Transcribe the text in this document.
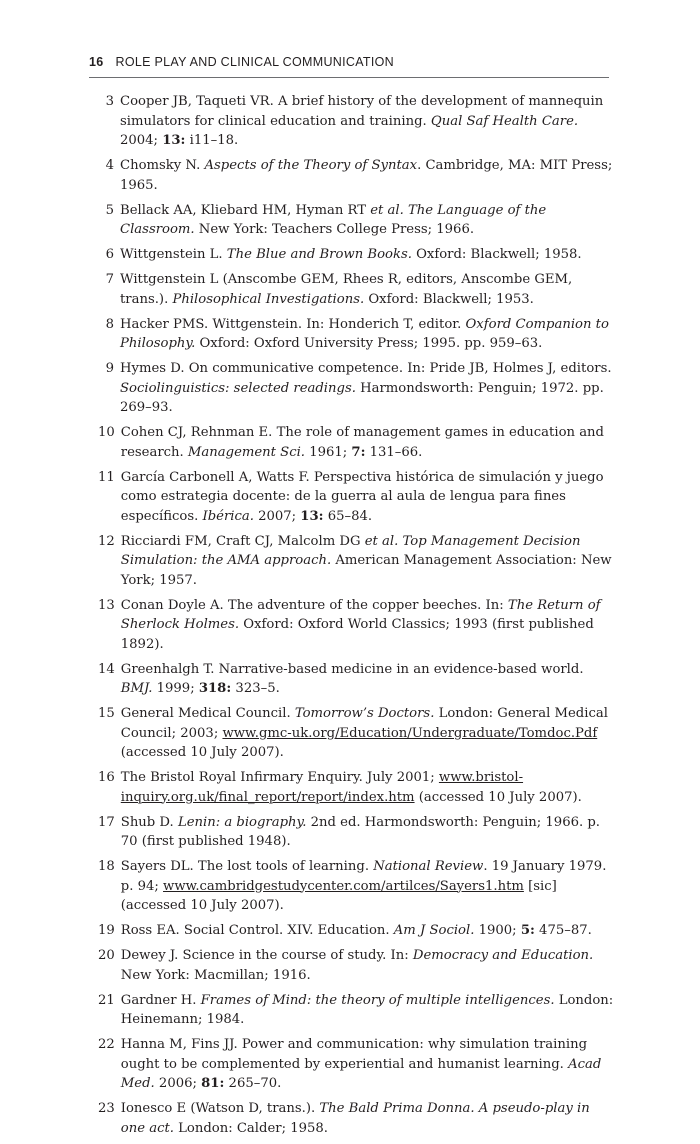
16 ROLE PLAY AND CLINICAL COMMUNICATION
3 Cooper JB, Taqueti VR. A brief history of the development of mannequin simulators for clinical education and training. Qual Saf Health Care. 2004; 13: i11–18.
4 Chomsky N. Aspects of the Theory of Syntax. Cambridge, MA: MIT Press; 1965.
5 Bellack AA, Kliebard HM, Hyman RT et al. The Language of the Classroom. New York: Teachers College Press; 1966.
6 Wittgenstein L. The Blue and Brown Books. Oxford: Blackwell; 1958.
7 Wittgenstein L (Anscombe GEM, Rhees R, editors, Anscombe GEM, trans.). Philosophical Investigations. Oxford: Blackwell; 1953.
8 Hacker PMS. Wittgenstein. In: Honderich T, editor. Oxford Companion to Philosophy. Oxford: Oxford University Press; 1995. pp. 959–63.
9 Hymes D. On communicative competence. In: Pride JB, Holmes J, editors. Sociolinguistics: selected readings. Harmondsworth: Penguin; 1972. pp. 269–93.
10 Cohen CJ, Rehnman E. The role of management games in education and research. Management Sci. 1961; 7: 131–66.
11 García Carbonell A, Watts F. Perspectiva histórica de simulación y juego como estrategia docente: de la guerra al aula de lengua para fines específicos. Ibérica. 2007; 13: 65–84.
12 Ricciardi FM, Craft CJ, Malcolm DG et al. Top Management Decision Simulation: the AMA approach. American Management Association: New York; 1957.
13 Conan Doyle A. The adventure of the copper beeches. In: The Return of Sherlock Holmes. Oxford: Oxford World Classics; 1993 (first published 1892).
14 Greenhalgh T. Narrative-based medicine in an evidence-based world. BMJ. 1999; 318: 323–5.
15 General Medical Council. Tomorrow’s Doctors. London: General Medical Council; 2003; www.gmc-uk.org/Education/Undergraduate/Tomdoc.Pdf (accessed 10 July 2007).
16 The Bristol Royal Infirmary Enquiry. July 2001; www.bristol-inquiry.org.uk/final_report/report/index.htm (accessed 10 July 2007).
17 Shub D. Lenin: a biography. 2nd ed. Harmondsworth: Penguin; 1966. p. 70 (first published 1948).
18 Sayers DL. The lost tools of learning. National Review. 19 January 1979. p. 94; www.cambridgestudycenter.com/artilces/Sayers1.htm [sic] (accessed 10 July 2007).
19 Ross EA. Social Control. XIV. Education. Am J Sociol. 1900; 5: 475–87.
20 Dewey J. Science in the course of study. In: Democracy and Education. New York: Macmillan; 1916.
21 Gardner H. Frames of Mind: the theory of multiple intelligences. London: Heinemann; 1984.
22 Hanna M, Fins JJ. Power and communication: why simulation training ought to be complemented by experiential and humanist learning. Acad Med. 2006; 81: 265–70.
23 Ionesco E (Watson D, trans.). The Bald Prima Donna. A pseudo-play in one act. London: Calder; 1958.
